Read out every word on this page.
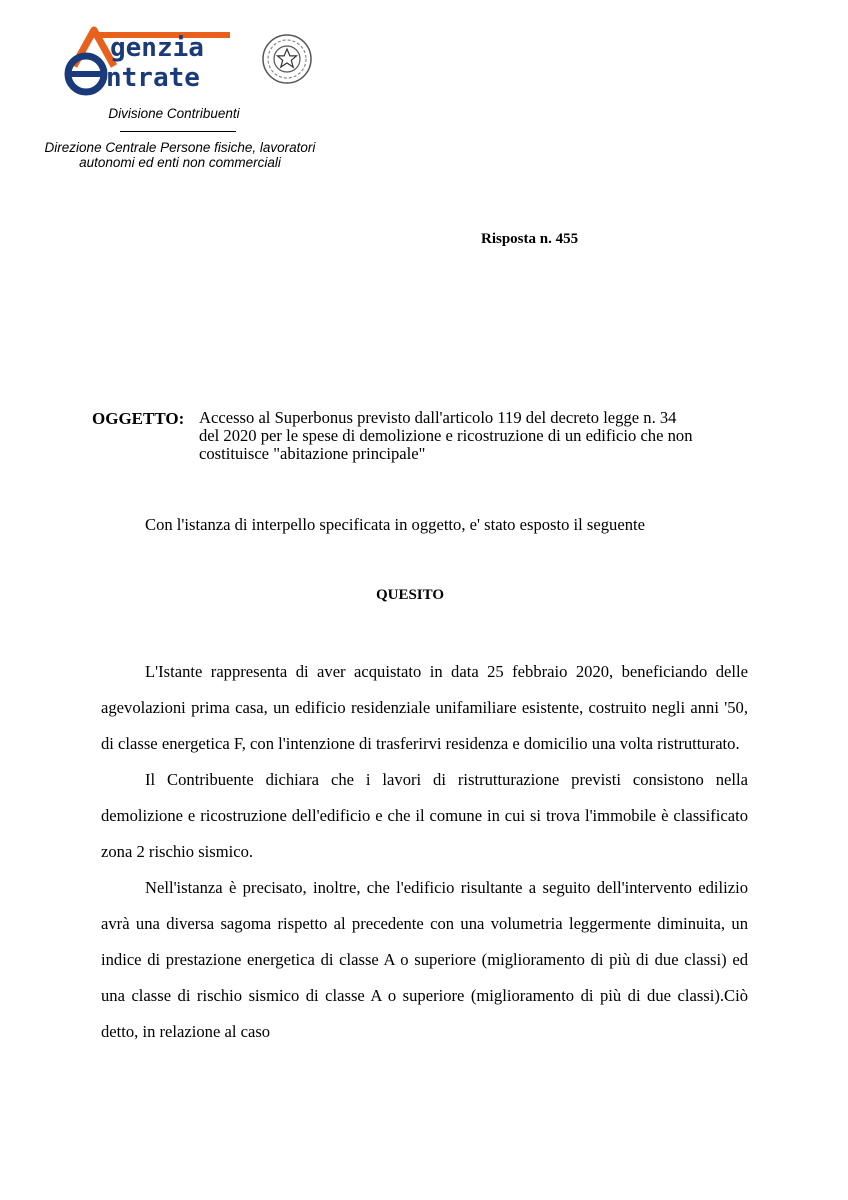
genzia
ntrate
Divisione Contribuenti
Direzione Centrale Persone fisiche, lavoratori
autonomi ed enti non commerciali
Risposta n. 455
OGGETTO: Accesso al Superbonus previsto dall'articolo 119 del decreto legge n. 34
del 2020 per le spese di demolizione e ricostruzione di un edificio che non
costituisce "abitazione principale"
Con l'istanza di interpello specificata in oggetto, e' stato esposto il seguente
QUESITO

L'Istante rappresenta di aver acquistato in data 25 febbraio 2020, beneficiando delle agevolazioni prima casa, un edificio residenziale unifamiliare esistente, costruito negli anni '50, di classe energetica F, con l'intenzione di trasferirvi residenza e domicilio una volta ristrutturato.

Il Contribuente dichiara che i lavori di ristrutturazione previsti consistono nella demolizione e ricostruzione dell'edificio e che il comune in cui si trova l'immobile è classificato zona 2 rischio sismico.

Nell'istanza è precisato, inoltre, che l'edificio risultante a seguito dell'intervento edilizio avrà una diversa sagoma rispetto al precedente con una volumetria leggermente diminuita, un indice di prestazione energetica di classe A o superiore (miglioramento di più di due classi) ed una classe di rischio sismico di classe A o superiore (miglioramento di più di due classi).Ciò detto, in relazione al caso
